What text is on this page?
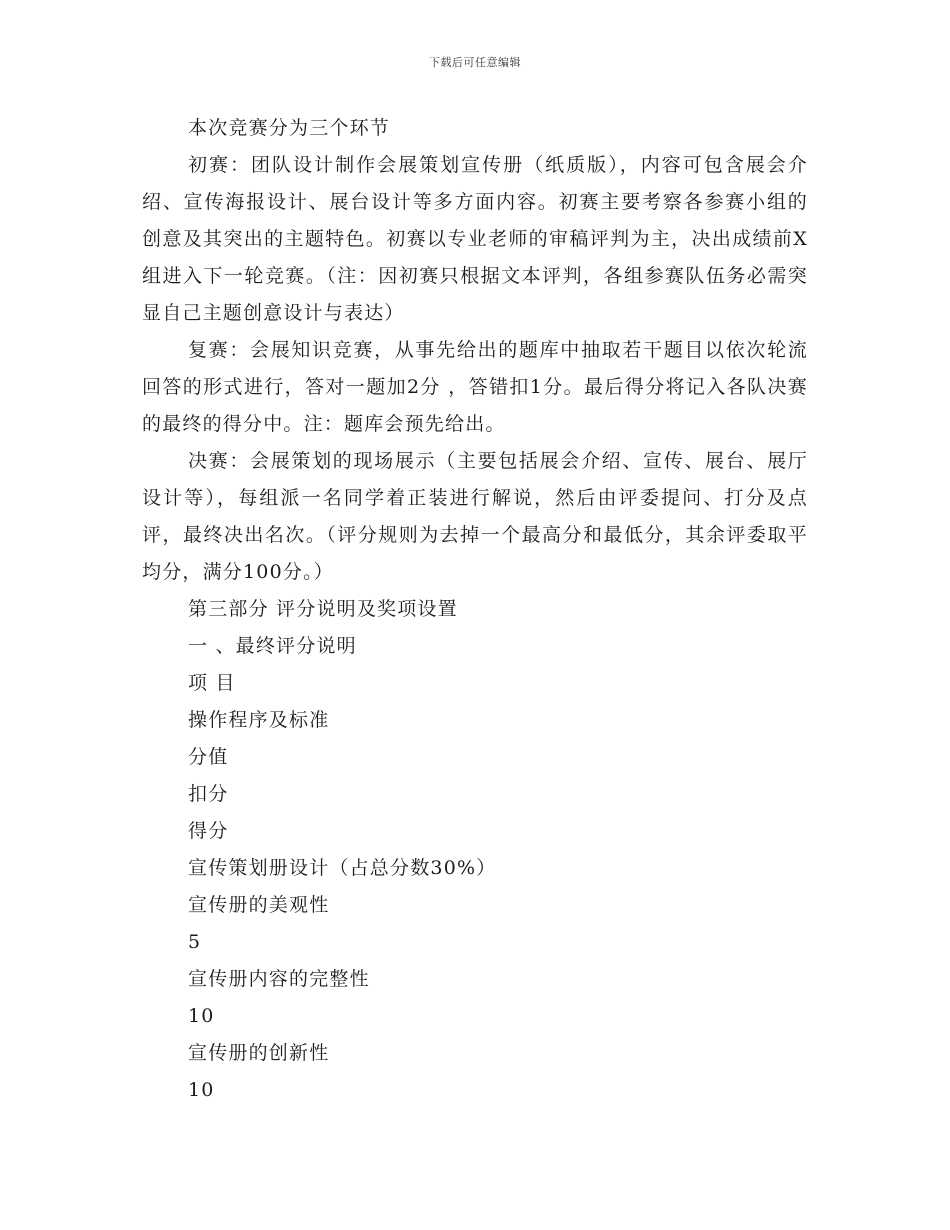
下载后可任意编辑

本次竞赛分为三个环节

初赛：团队设计制作会展策划宣传册（纸质版），内容可包含展会介绍、宣传海报设计、展台设计等多方面内容。初赛主要考察各参赛小组的创意及其突出的主题特色。初赛以专业老师的审稿评判为主，决出成绩前X组进入下一轮竞赛。（注：因初赛只根据文本评判，各组参赛队伍务必需突显自己主题创意设计与表达）

复赛：会展知识竞赛，从事先给出的题库中抽取若干题目以依次轮流回答的形式进行，答对一题加2分 ，答错扣1分。最后得分将记入各队决赛的最终的得分中。注：题库会预先给出。

决赛：会展策划的现场展示（主要包括展会介绍、宣传、展台、展厅设计等），每组派一名同学着正装进行解说，然后由评委提问、打分及点评，最终决出名次。（评分规则为去掉一个最高分和最低分，其余评委取平均分，满分100分。）

第三部分 评分说明及奖项设置

一 、最终评分说明

项 目

操作程序及标准

分值

扣分

得分

宣传策划册设计（占总分数30%）

宣传册的美观性

5

宣传册内容的完整性

10

宣传册的创新性

10
